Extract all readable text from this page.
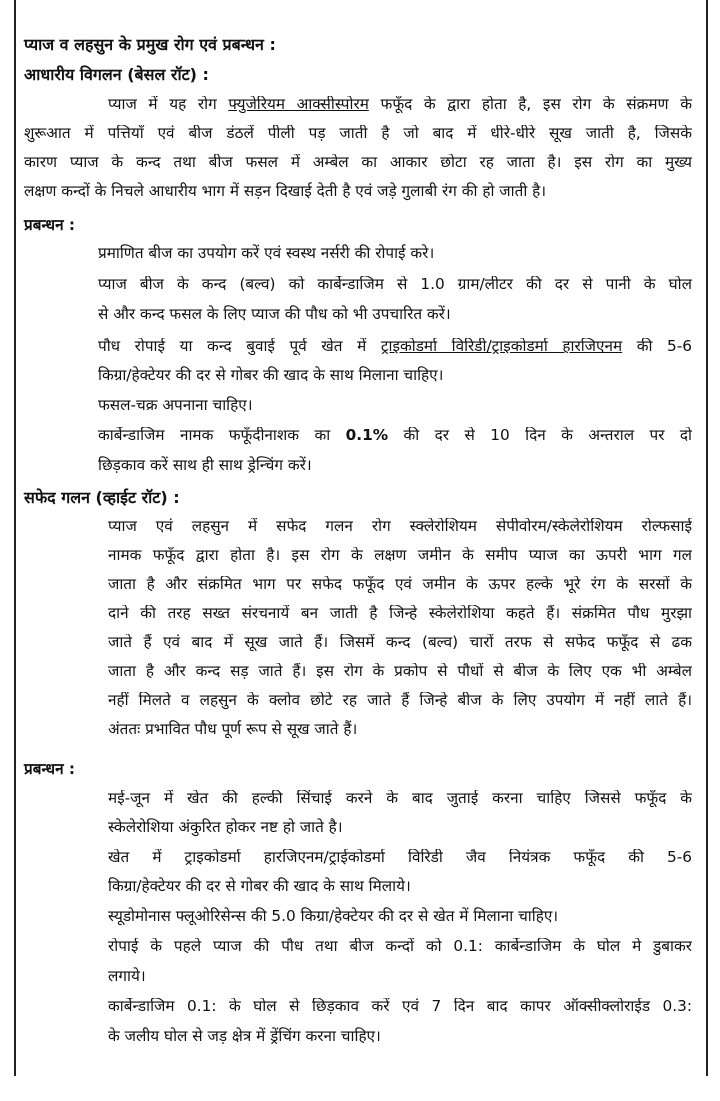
प्याज व लहसुन के प्रमुख रोग एवं प्रबन्धन :
आधारीय विगलन (बेसल रॉट) :
प्याज में यह रोग फ्युजेरियम आक्सीस्पोरम फफूँद के द्वारा होता है, इस रोग के संक्रमण के
शुरूआत में पत्तियाँ एवं बीज डंठलें पीली पड़ जाती है जो बाद में धीरे-धीरे सूख जाती है, जिसके
कारण प्याज के कन्द तथा बीज फसल में अम्बेल का आकार छोटा रह जाता है। इस रोग का मुख्य
लक्षण कन्दों के निचले आधारीय भाग में सड़न दिखाई देती है एवं जड़े गुलाबी रंग की हो जाती है।
प्रबन्धन :
प्रमाणित बीज का उपयोग करें एवं स्वस्थ नर्सरी की रोपाई करे।
प्याज बीज के कन्द (बल्व) को कार्बेन्डाजिम से 1.0 ग्राम/लीटर की दर से पानी के घोल
से और कन्द फसल के लिए प्याज की पौध को भी उपचारित करें।
पौध रोपाई या कन्द बुवाई पूर्व खेत में ट्राइकोडर्मा विरिडी/ट्राइकोडर्मा हारजिएनम की 5-6
किग्रा/हेक्टेयर की दर से गोबर की खाद के साथ मिलाना चाहिए।
फसल-चक्र अपनाना चाहिए।
कार्बेन्डाजिम नामक फफूँदीनाशक का 0.1% की दर से 10 दिन के अन्तराल पर दो
छिड़काव करें साथ ही साथ ड्रेन्चिंग करें।
सफेद गलन (व्हाईट रॉट) :
प्याज एवं लहसुन में सफेद गलन रोग स्क्लेरोशियम सेपीवोरम/स्केलेरोशियम रोल्फसाई
नामक फफूँद द्वारा होता है। इस रोग के लक्षण जमीन के समीप प्याज का ऊपरी भाग गल
जाता है और संक्रमित भाग पर सफेद फफूँद एवं जमीन के ऊपर हल्के भूरे रंग के सरसों के
दाने की तरह सख्त संरचनायें बन जाती है जिन्हे स्केलेरोशिया कहते हैं। संक्रमित पौध मुरझा
जाते हैं एवं बाद में सूख जाते हैं। जिसमें कन्द (बल्व) चारों तरफ से सफेद फफूँद से ढक
जाता है और कन्द सड़ जाते हैं। इस रोग के प्रकोप से पौधों से बीज के लिए एक भी अम्बेल
नहीं मिलते व लहसुन के क्लोव छोटे रह जाते हैं जिन्हे बीज के लिए उपयोग में नहीं लाते हैं।
अंततः प्रभावित पौध पूर्ण रूप से सूख जाते हैं।
प्रबन्धन :
मई-जून में खेत की हल्की सिंचाई करने के बाद जुताई करना चाहिए जिससे फफूँद के
स्केलेरोशिया अंकुरित होकर नष्ट हो जाते है।
खेत में ट्राइकोडर्मा हारजिएनम/ट्राईकोडर्मा विरिडी जैव नियंत्रक फफूँद की 5-6
किग्रा/हेक्टेयर की दर से गोबर की खाद के साथ मिलाये।
स्यूडोमोनास फ्लूओरिसेन्स की 5.0 किग्रा/हेक्टेयर की दर से खेत में मिलाना चाहिए।
रोपाई के पहले प्याज की पौध तथा बीज कन्दों को 0.1: कार्बेन्डाजिम के घोल मे डुबाकर
लगाये।
कार्बेन्डाजिम 0.1: के घोल से छिड़काव करें एवं 7 दिन बाद कापर ऑक्सीक्लोराईड 0.3:
के जलीय घोल से जड़ क्षेत्र में ड्रेंचिंग करना चाहिए।
